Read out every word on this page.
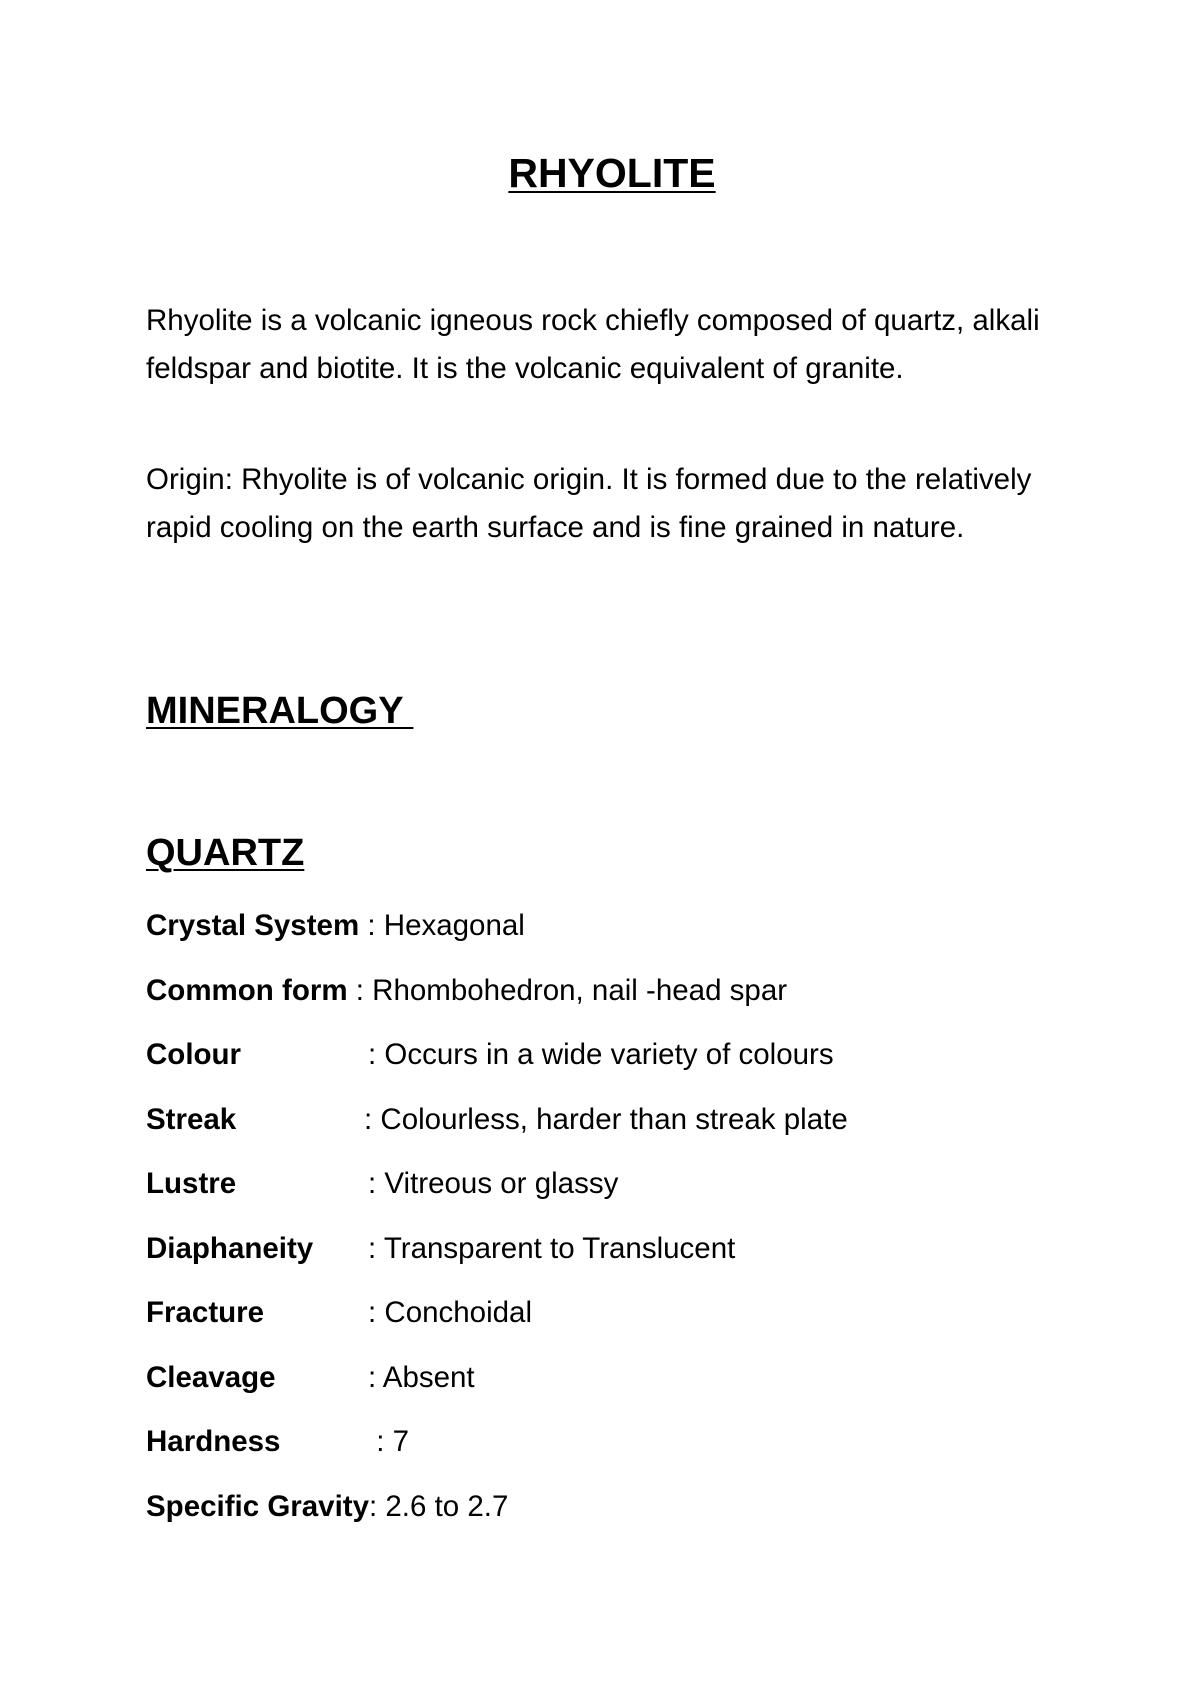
RHYOLITE

Rhyolite is a volcanic igneous rock chiefly composed of quartz, alkali feldspar and biotite. It is the volcanic equivalent of granite.

Origin: Rhyolite is of volcanic origin. It is formed due to the relatively rapid cooling on the earth surface and is fine grained in nature.

MINERALOGY
QUARTZ
Crystal System : Hexagonal
Common form : Rhombohedron, nail -head spar
Colour	: Occurs in a wide variety of colours
Streak	: Colourless, harder than streak plate
Lustre	: Vitreous or glassy
Diaphaneity : Transparent to Translucent
Fracture	: Conchoidal
Cleavage	: Absent
Hardness	: 7
Specific Gravity: 2.6 to 2.7
